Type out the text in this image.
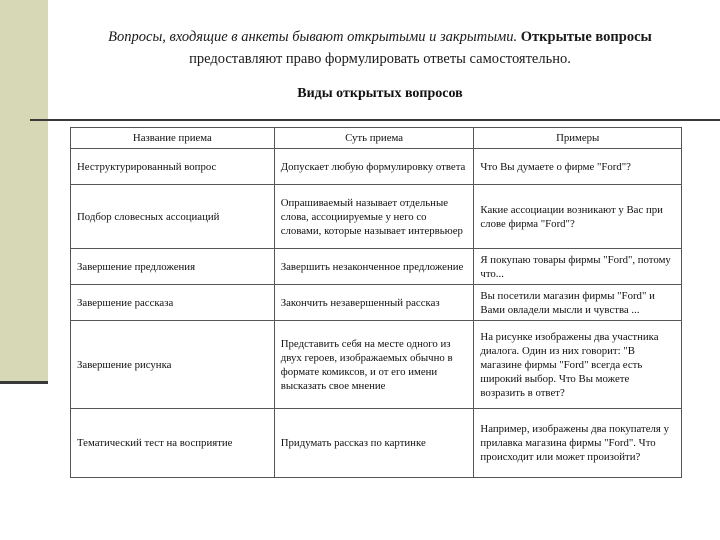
Вопросы, входящие в анкеты бывают открытыми и закрытыми. Открытые вопросы предоставляют право формулировать ответы самостоятельно.
Виды открытых вопросов
Название приема	Суть приема	Примеры
Неструктурированный вопрос	Допускает любую формулировку ответа	Что Вы думаете о фирме "Ford"?
Подбор словесных ассоциаций	Опрашиваемый называет отдельные слова, ассоциируемые у него со словами, которые называет интервьюер	Какие ассоциации возникают у Вас при слове фирма "Ford"?
Завершение предложения	Завершить незаконченное предложение	Я покупаю товары фирмы "Ford", потому что...
Завершение рассказа	Закончить незавершенный рассказ	Вы посетили магазин фирмы "Ford" и Вами овладели мысли и чувства ...
Завершение рисунка	Представить себя на месте одного из двух героев, изображаемых обычно в формате комиксов, и от его имени высказать свое мнение	На рисунке изображены два участника диалога. Один из них говорит: "В магазине фирмы "Ford" всегда есть широкий выбор. Что Вы можете возразить в ответ?
Тематический тест на восприятие	Придумать рассказ по картинке	Например, изображены два покупателя у прилавка магазина фирмы "Ford". Что происходит или может произойти?
